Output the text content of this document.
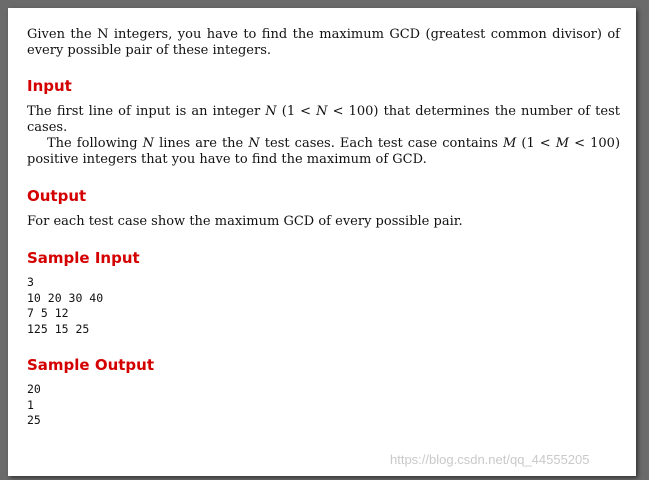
Given the N integers, you have to find the maximum GCD (greatest common divisor) of every possible pair of these integers.

Input

The first line of input is an integer N (1 < N < 100) that determines the number of test cases.

The following N lines are the N test cases. Each test case contains M (1 < M < 100) positive integers that you have to find the maximum of GCD.

Output

For each test case show the maximum GCD of every possible pair.

Sample Input
3
10 20 30 40
7 5 12
125 15 25
Sample Output
20
1
25
https://blog.csdn.net/qq_44555205
